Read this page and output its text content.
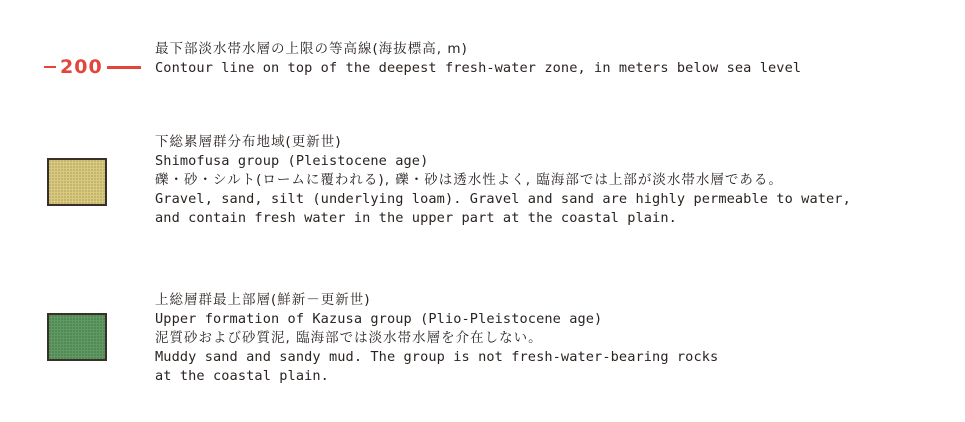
200
最下部淡水帯水層の上限の等高線(海抜標高, m)
Contour line on top of the deepest fresh-water zone, in meters below sea level
下総累層群分布地域(更新世)
Shimofusa group (Pleistocene age)
礫・砂・シルト(ロームに覆われる), 礫・砂は透水性よく, 臨海部では上部が淡水帯水層である。
Gravel, sand, silt (underlying loam). Gravel and sand are highly permeable to water,
and contain fresh water in the upper part at the coastal plain.
上総層群最上部層(鮮新－更新世)
Upper formation of Kazusa group (Plio-Pleistocene age)
泥質砂および砂質泥, 臨海部では淡水帯水層を介在しない。
Muddy sand and sandy mud. The group is not fresh-water-bearing rocks
at the coastal plain.
